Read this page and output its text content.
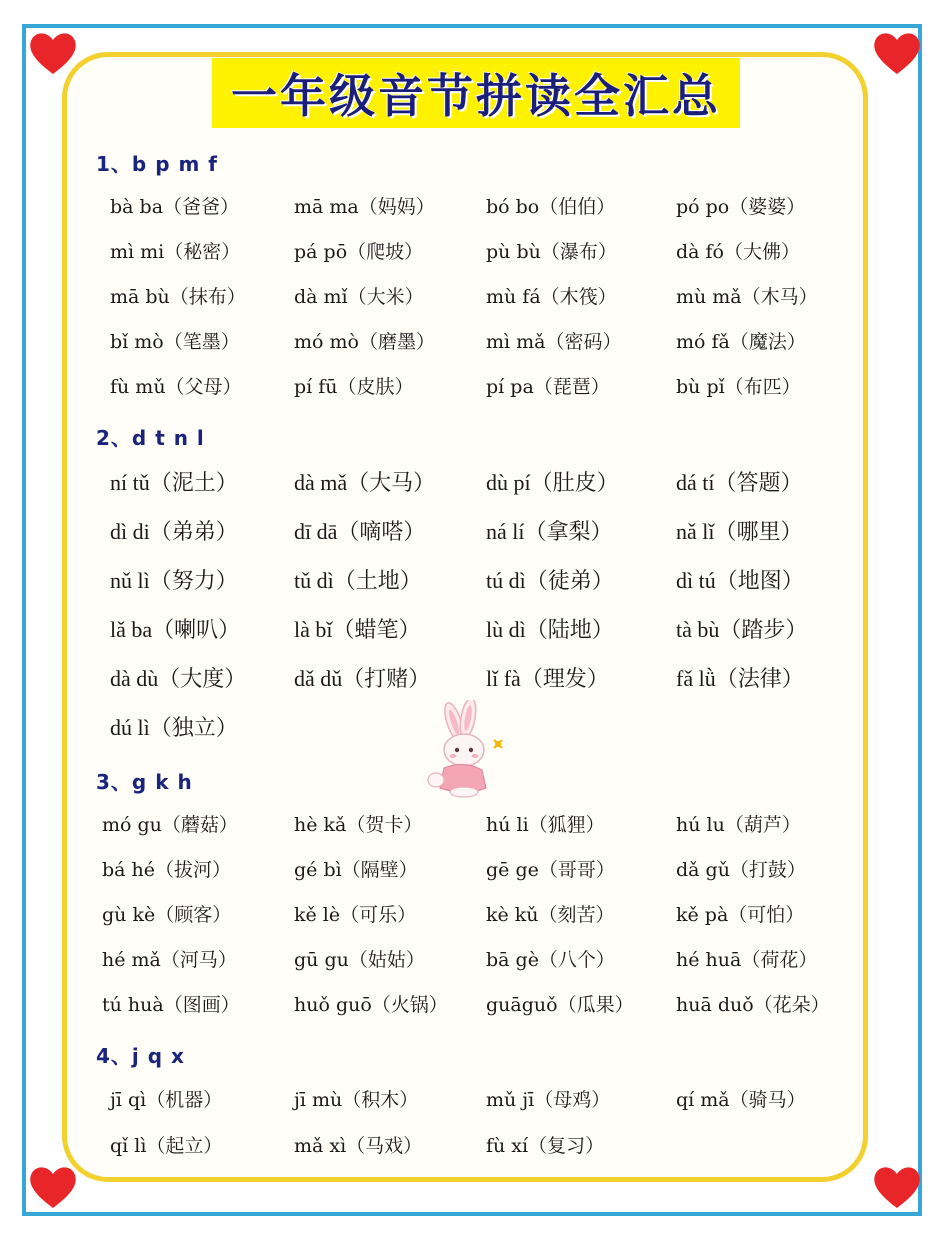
一年级音节拼读全汇总
1、b p m f
bà ba（爸爸）	mā ma（妈妈）	bó bo（伯伯）	pó po（婆婆）
mì mi（秘密）	pá pō（爬坡）	pù bù（瀑布）	dà fó（大佛）
mā bù（抹布）	dà mǐ（大米）	mù fá（木筏）	mù mǎ（木马）
bǐ mò（笔墨）	mó mò（磨墨）	mì mǎ（密码）	mó fǎ（魔法）
fù mǔ（父母）	pí fū（皮肤）	pí pa（琵琶）	bù pǐ（布匹）
2、d t n l
ní tǔ（泥土）	dà mǎ（大马） dù pí（肚皮）	dá tí（答题）
dì di（弟弟）	dī dā（嘀嗒）	ná lí（拿梨）	nǎ lǐ（哪里）
nǔ lì（努力）	tǔ dì（土地）	tú dì（徒弟）	dì tú（地图）
lǎ ba（喇叭） là bǐ（蜡笔）	lù dì（陆地）	tà bù（踏步）
dà dù（大度） dǎ dǔ（打赌）	lǐ fà（理发）	fǎ lǜ（法律）
dú lì（独立）
3、g k h
mó gu（蘑菇）	hè kǎ（贺卡）	hú li（狐狸）	hú lu（葫芦）
bá hé（拔河）	gé bì（隔壁）	gē ge（哥哥）	dǎ gǔ（打鼓）
gù kè（顾客）	kě lè（可乐）	kè kǔ（刻苦）	kě pà（可怕）
hé mǎ（河马）	gū gu（姑姑）	bā gè（八个）	hé huā（荷花）
tú huà（图画）	huǒ guō（火锅） guāguǒ（瓜果） huā duǒ（花朵）
4、j q x
jī qì（机器）	jī mù（积木）	mǔ jī（母鸡）	qí mǎ（骑马）
qǐ lì（起立）	mǎ xì（马戏）	fù xí（复习）
